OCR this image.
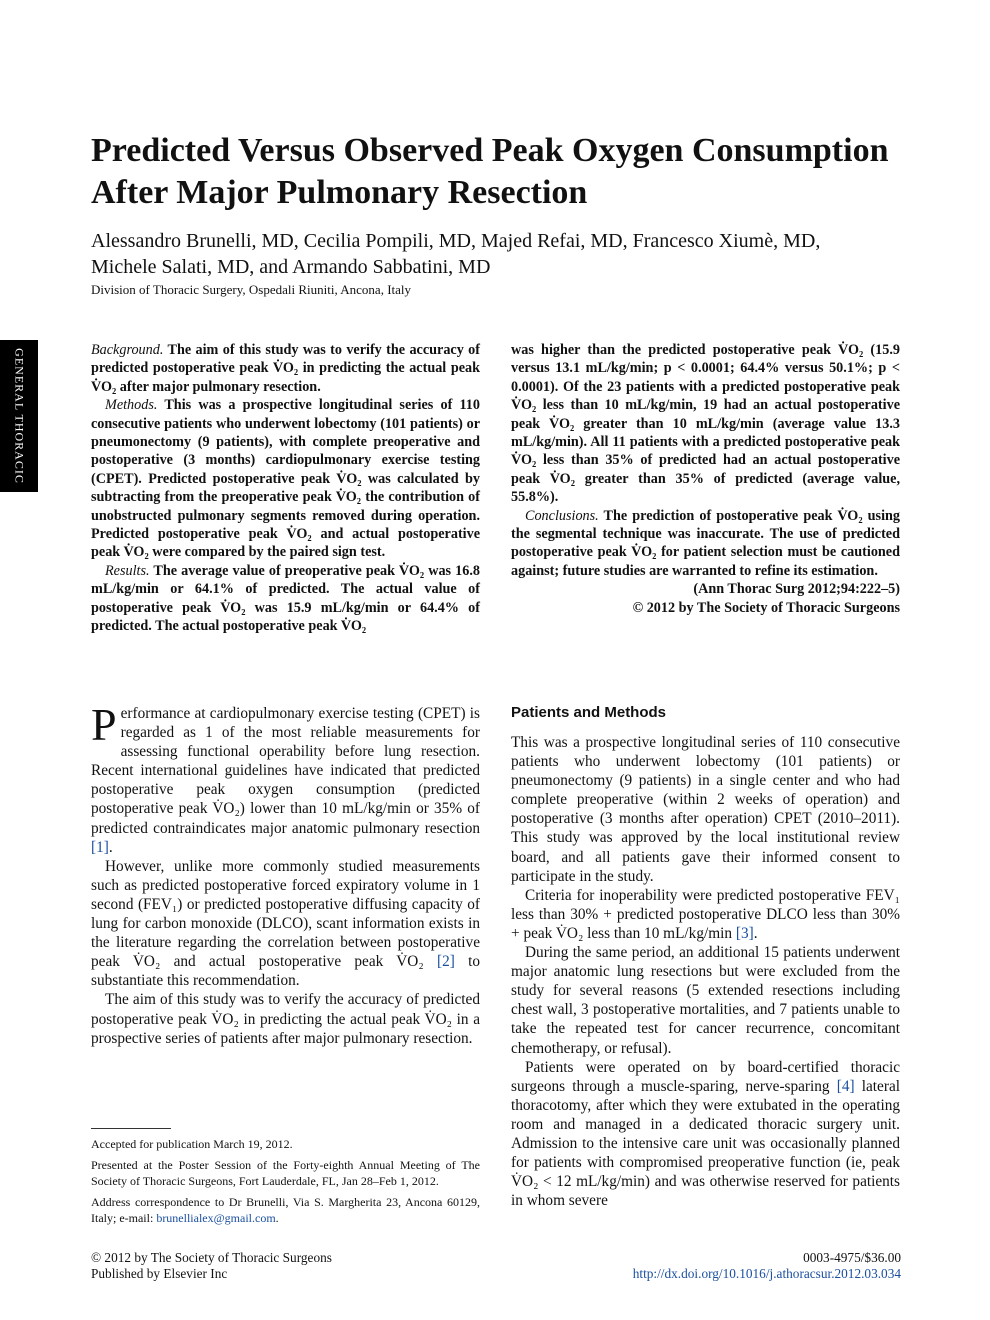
GENERAL THORACIC
Predicted Versus Observed Peak Oxygen Consumption After Major Pulmonary Resection
Alessandro Brunelli, MD, Cecilia Pompili, MD, Majed Refai, MD, Francesco Xiumè, MD,
Michele Salati, MD, and Armando Sabbatini, MD
Division of Thoracic Surgery, Ospedali Riuniti, Ancona, Italy

Background. The aim of this study was to verify the accuracy of predicted postoperative peak V̇O₂ in predicting the actual peak V̇O₂ after major pulmonary resection.

Methods. This was a prospective longitudinal series of 110 consecutive patients who underwent lobectomy (101 patients) or pneumonectomy (9 patients), with complete preoperative and postoperative (3 months) cardiopulmonary exercise testing (CPET). Predicted postoperative peak V̇O₂ was calculated by subtracting from the preoperative peak V̇O₂ the contribution of unobstructed pulmonary segments removed during operation. Predicted postoperative peak V̇O₂ and actual postoperative peak V̇O₂ were compared by the paired sign test.

Results. The average value of preoperative peak V̇O₂ was 16.8 mL/kg/min or 64.1% of predicted. The actual value of postoperative peak V̇O₂ was 15.9 mL/kg/min or 64.4% of predicted. The actual postoperative peak V̇O₂

was higher than the predicted postoperative peak V̇O₂ (15.9 versus 13.1 mL/kg/min; p < 0.0001; 64.4% versus 50.1%; p < 0.0001). Of the 23 patients with a predicted postoperative peak V̇O₂ less than 10 mL/kg/min, 19 had an actual postoperative peak V̇O₂ greater than 10 mL/kg/min (average value 13.3 mL/kg/min). All 11 patients with a predicted postoperative peak V̇O₂ less than 35% of predicted had an actual postoperative peak V̇O₂ greater than 35% of predicted (average value, 55.8%).

Conclusions. The prediction of postoperative peak V̇O₂ using the segmental technique was inaccurate. The use of predicted postoperative peak V̇O₂ for patient selection must be cautioned against; future studies are warranted to refine its estimation.

(Ann Thorac Surg 2012;94:222–5)

© 2012 by The Society of Thoracic Surgeons

Performance at cardiopulmonary exercise testing (CPET) is regarded as 1 of the most reliable measurements for assessing functional operability before lung resection. Recent international guidelines have indicated that predicted postoperative peak oxygen consumption (predicted postoperative peak V̇O₂) lower than 10 mL/kg/min or 35% of predicted contraindicates major anatomic pulmonary resection [1].

However, unlike more commonly studied measurements such as predicted postoperative forced expiratory volume in 1 second (FEV₁) or predicted postoperative diffusing capacity of lung for carbon monoxide (DLCO), scant information exists in the literature regarding the correlation between postoperative peak V̇O₂ and actual postoperative peak V̇O₂ [2] to substantiate this recommendation.

The aim of this study was to verify the accuracy of predicted postoperative peak V̇O₂ in predicting the actual peak V̇O₂ in a prospective series of patients after major pulmonary resection.

Patients and Methods

This was a prospective longitudinal series of 110 consecutive patients who underwent lobectomy (101 patients) or pneumonectomy (9 patients) in a single center and who had complete preoperative (within 2 weeks of operation) and postoperative (3 months after operation) CPET (2010–2011). This study was approved by the local institutional review board, and all patients gave their informed consent to participate in the study.

Criteria for inoperability were predicted postoperative FEV₁ less than 30% + predicted postoperative DLCO less than 30% + peak V̇O₂ less than 10 mL/kg/min [3].

During the same period, an additional 15 patients underwent major anatomic lung resections but were excluded from the study for several reasons (5 extended resections including chest wall, 3 postoperative mortalities, and 7 patients unable to take the repeated test for cancer recurrence, concomitant chemotherapy, or refusal).

Patients were operated on by board-certified thoracic surgeons through a muscle-sparing, nerve-sparing [4] lateral thoracotomy, after which they were extubated in the operating room and managed in a dedicated thoracic surgery unit. Admission to the intensive care unit was occasionally planned for patients with compromised preoperative function (ie, peak V̇O₂ < 12 mL/kg/min) and was otherwise reserved for patients in whom severe

Accepted for publication March 19, 2012.

Presented at the Poster Session of the Forty-eighth Annual Meeting of The Society of Thoracic Surgeons, Fort Lauderdale, FL, Jan 28–Feb 1, 2012.

Address correspondence to Dr Brunelli, Via S. Margherita 23, Ancona 60129, Italy; e-mail: brunellialex@gmail.com.

© 2012 by The Society of Thoracic Surgeons
Published by Elsevier Inc
0003-4975/$36.00
http://dx.doi.org/10.1016/j.athoracsur.2012.03.034
